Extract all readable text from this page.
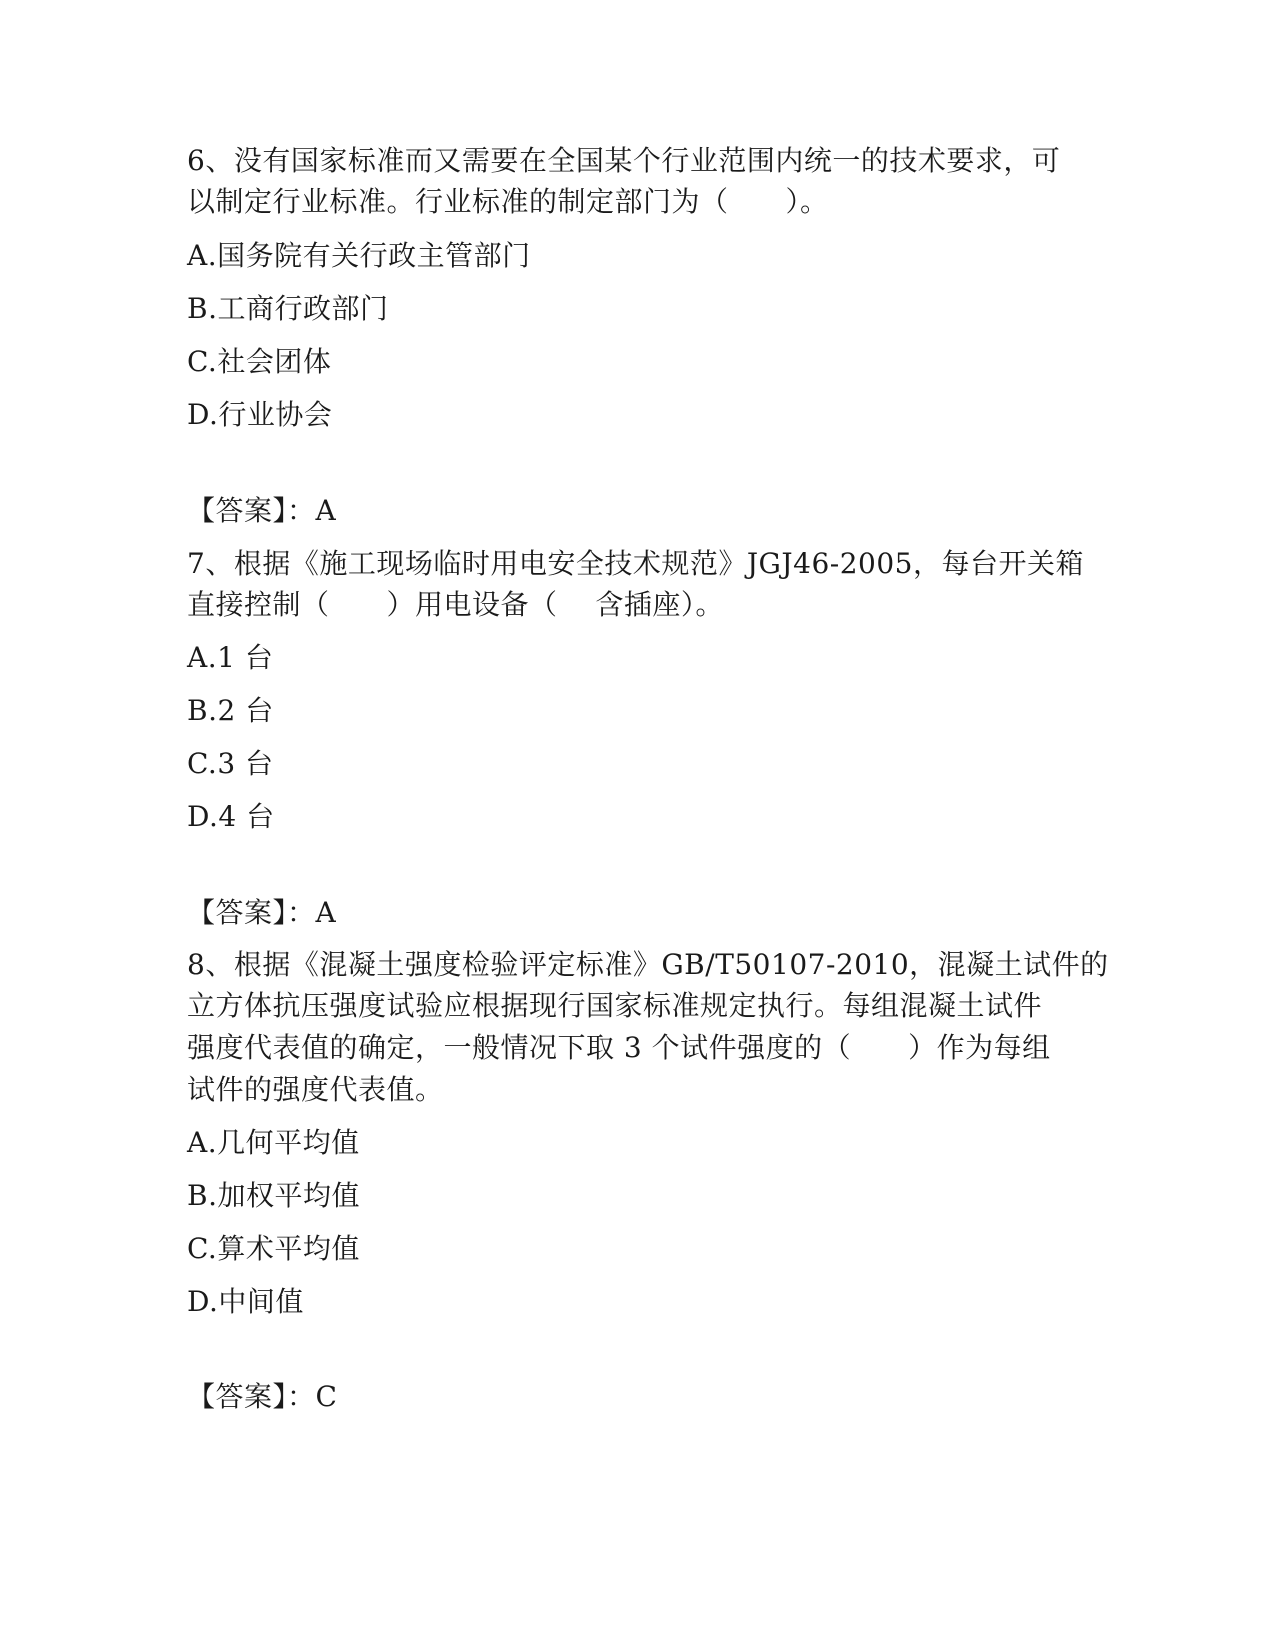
6、没有国家标准而又需要在全国某个行业范围内统一的技术要求，可
以制定行业标准。行业标准的制定部门为（　　）。
A.国务院有关行政主管部门
B.工商行政部门
C.社会团体
D.行业协会
【答案】：A
7、根据《施工现场临时用电安全技术规范》JGJ46-2005，每台开关箱
直接控制（　　）用电设备（　 含插座）。
A.1 台
B.2 台
C.3 台
D.4 台
【答案】：A
8、根据《混凝土强度检验评定标准》GB/T50107-2010，混凝土试件的
立方体抗压强度试验应根据现行国家标准规定执行。每组混凝土试件
强度代表值的确定，一般情况下取 3 个试件强度的（　　）作为每组
试件的强度代表值。
A.几何平均值
B.加权平均值
C.算术平均值
D.中间值
【答案】：C
